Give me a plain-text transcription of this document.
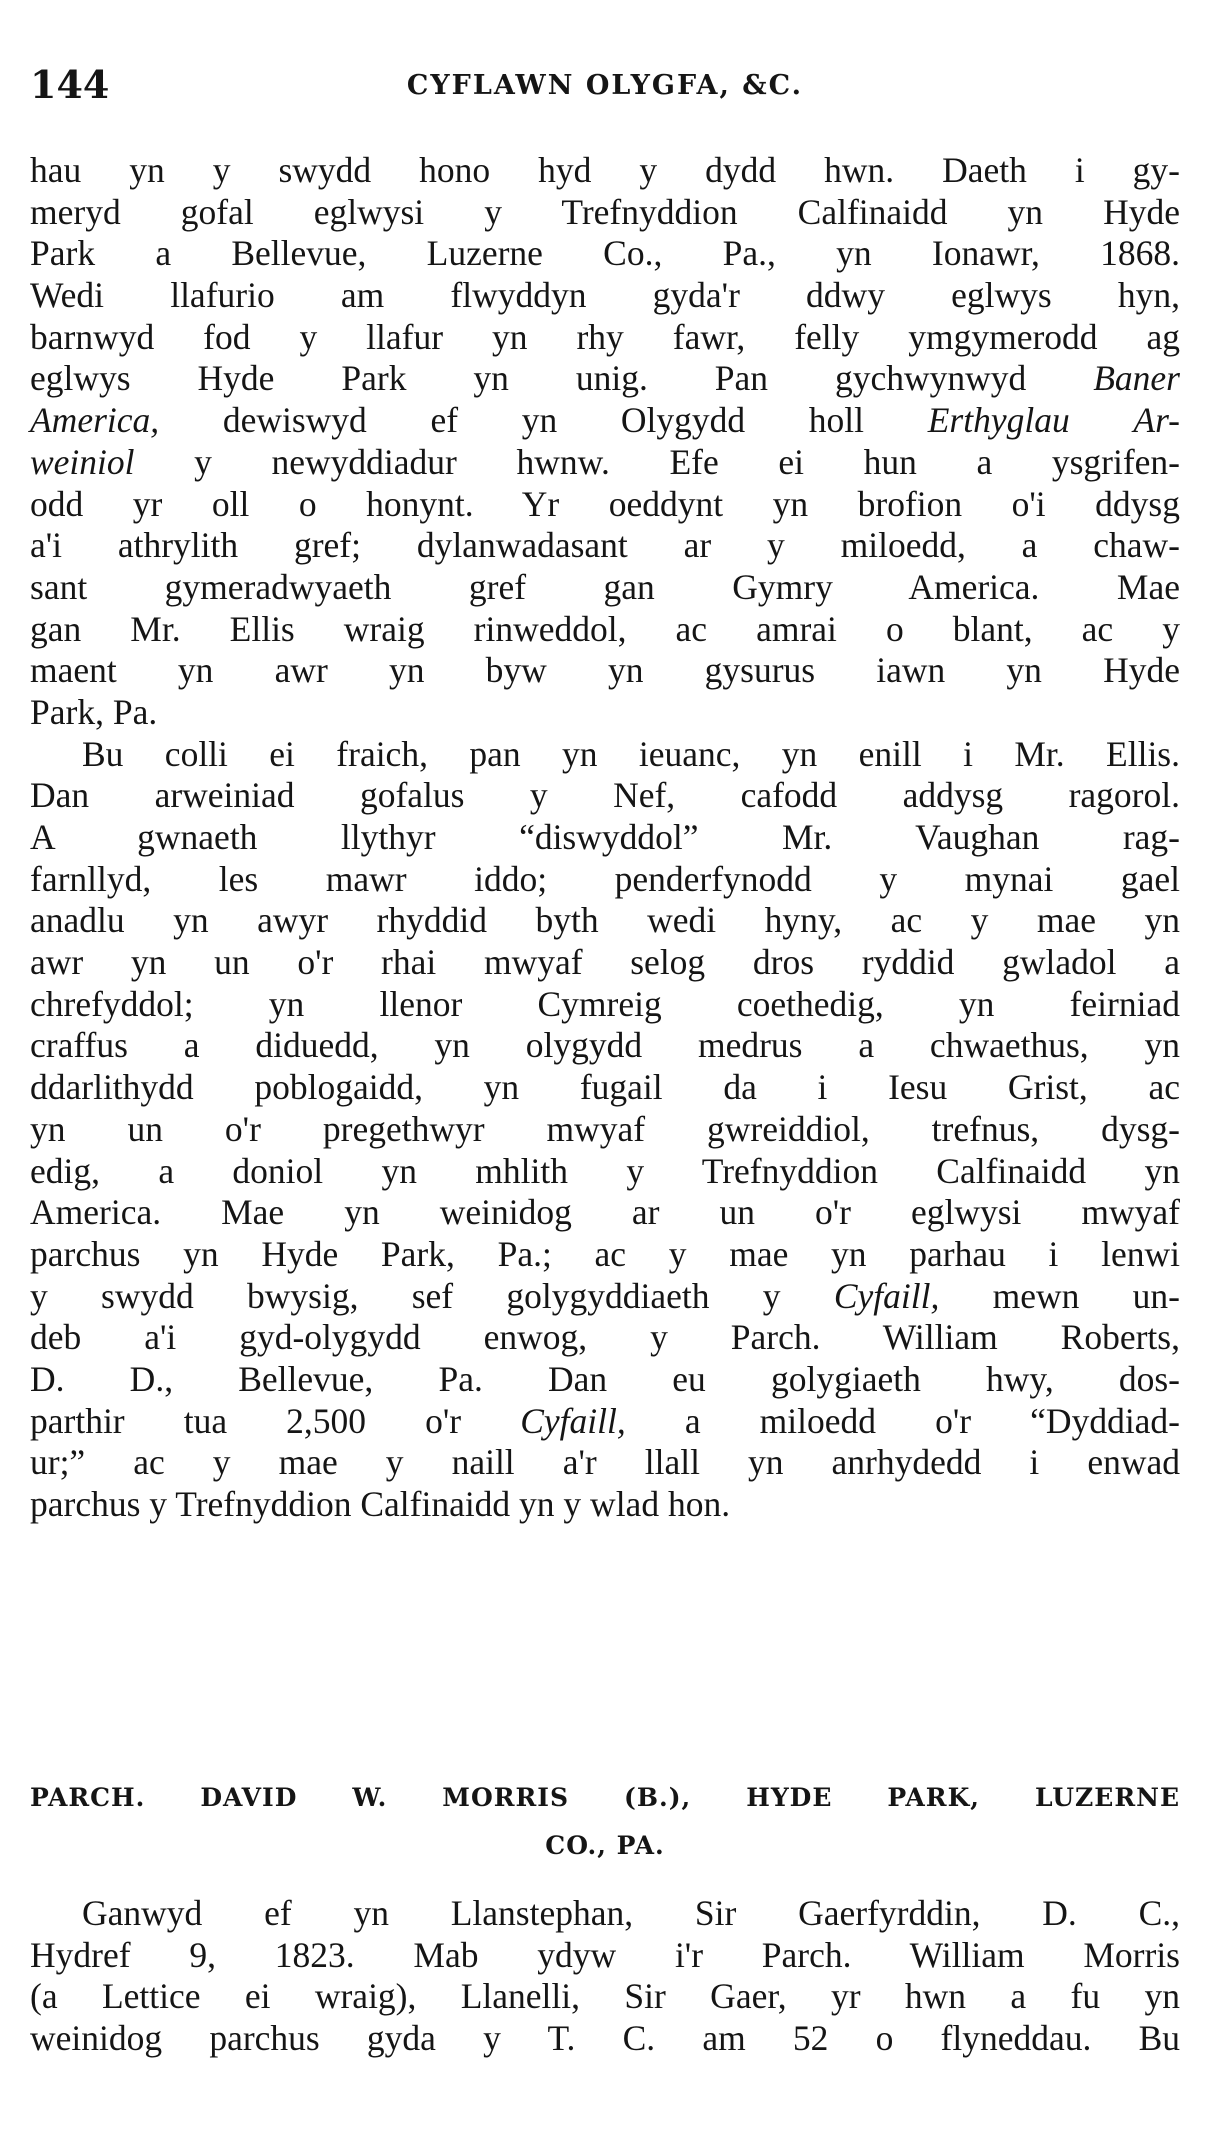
144	CYFLAWN OLYGFA, &C.
hau yn y swydd hono hyd y dydd hwn. Daeth i gy-
meryd gofal eglwysi y Trefnyddion Calfinaidd yn Hyde
Park a Bellevue, Luzerne Co., Pa., yn Ionawr, 1868.
Wedi llafurio am flwyddyn gyda'r ddwy eglwys hyn,
barnwyd fod y llafur yn rhy fawr, felly ymgymerodd ag
eglwys Hyde Park yn unig. Pan gychwynwyd Baner
America, dewiswyd ef yn Olygydd holl Erthyglau Ar-
weiniol y newyddiadur hwnw. Efe ei hun a ysgrifen-
odd yr oll o honynt. Yr oeddynt yn brofion o'i ddysg
a'i athrylith gref; dylanwadasant ar y miloedd, a chaw-
sant gymeradwyaeth gref gan Gymry America. Mae
gan Mr. Ellis wraig rinweddol, ac amrai o blant, ac y
maent yn awr yn byw yn gysurus iawn yn Hyde
Park, Pa.
Bu colli ei fraich, pan yn ieuanc, yn enill i Mr. Ellis.
Dan arweiniad gofalus y Nef, cafodd addysg ragorol.
A gwnaeth llythyr “diswyddol” Mr. Vaughan rag-
farnllyd, les mawr iddo; penderfynodd y mynai gael
anadlu yn awyr rhyddid byth wedi hyny, ac y mae yn
awr yn un o'r rhai mwyaf selog dros ryddid gwladol a
chrefyddol; yn llenor Cymreig coethedig, yn feirniad
craffus a diduedd, yn olygydd medrus a chwaethus, yn
ddarlithydd poblogaidd, yn fugail da i Iesu Grist, ac
yn un o'r pregethwyr mwyaf gwreiddiol, trefnus, dysg-
edig, a doniol yn mhlith y Trefnyddion Calfinaidd yn
America. Mae yn weinidog ar un o'r eglwysi mwyaf
parchus yn Hyde Park, Pa.; ac y mae yn parhau i lenwi
y swydd bwysig, sef golygyddiaeth y Cyfaill, mewn un-
deb a'i gyd-olygydd enwog, y Parch. William Roberts,
D. D., Bellevue, Pa. Dan eu golygiaeth hwy, dos-
parthir tua 2,500 o'r Cyfaill, a miloedd o'r “Dyddiad-
ur;” ac y mae y naill a'r llall yn anrhydedd i enwad
parchus y Trefnyddion Calfinaidd yn y wlad hon.
PARCH. DAVID W. MORRIS (B.), HYDE PARK, LUZERNE
CO., PA.
Ganwyd ef yn Llanstephan, Sir Gaerfyrddin, D. C.,
Hydref 9, 1823. Mab ydyw i'r Parch. William Morris
(a Lettice ei wraig), Llanelli, Sir Gaer, yr hwn a fu yn
weinidog parchus gyda y T. C. am 52 o flyneddau. Bu
